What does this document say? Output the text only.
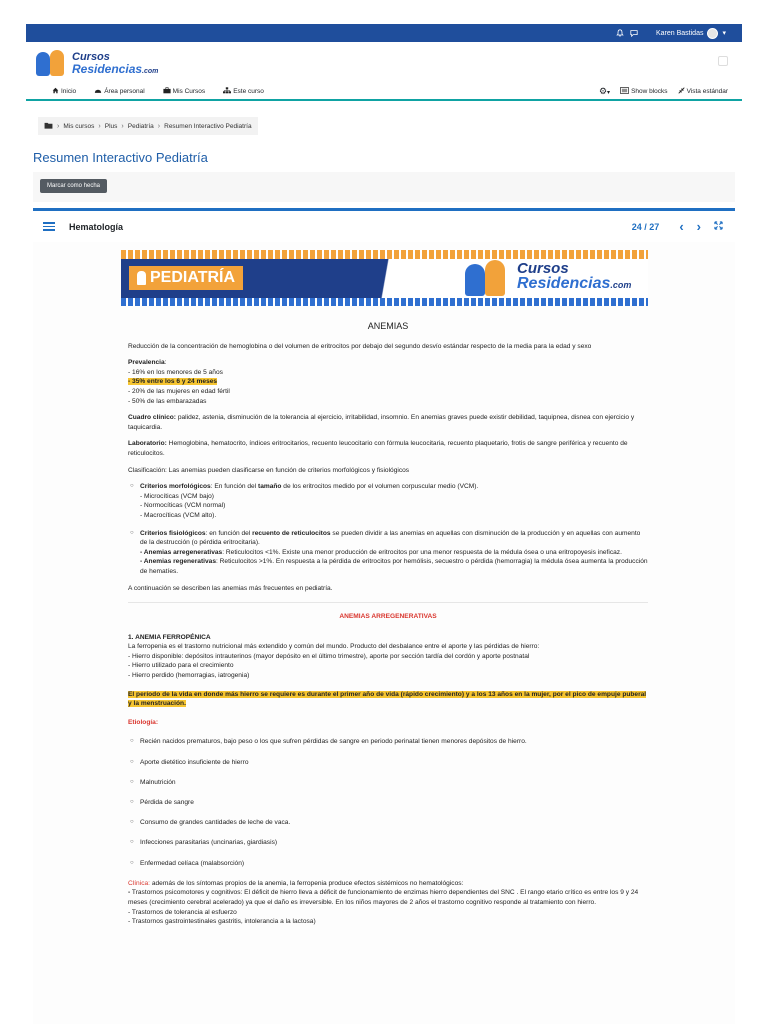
Karen Bastidas	▾
Cursos
Residencias.com
Inicio	Área personal	Mis Cursos	Este curso	⚙▾	Show blocks	Vista estándar
› Mis cursos › Plus › Pediatría › Resumen Interactivo Pediatría
Resumen Interactivo Pediatría
Marcar como hecha
Hematología	24 / 27 ‹ ›
PEDIATRÍA
Cursos
Residencias.com
ANEMIAS

Reducción de la concentración de hemoglobina o del volumen de eritrocitos por debajo del segundo desvío estándar respecto de la media para la edad y sexo

Prevalencia:
- 16% en los menores de 5 años
- 35% entre los 6 y 24 meses
- 20% de las mujeres en edad fértil
- 50% de las embarazadas

Cuadro clínico: palidez, astenia, disminución de la tolerancia al ejercicio, irritabilidad, insomnio. En anemias graves puede existir debilidad, taquipnea, disnea con ejercicio y taquicardia.

Laboratorio: Hemoglobina, hematocrito, índices eritrocitarios, recuento leucocitario con fórmula leucocitaria, recuento plaquetario, frotis de sangre periférica y recuento de reticulocitos.

Clasificación: Las anemias pueden clasificarse en función de criterios morfológicos y fisiológicos

○ Criterios morfológicos: En función del tamaño de los eritrocitos medido por el volumen corpuscular medio (VCM).
- Microcíticas (VCM bajo)
- Normocíticas (VCM normal)
- Macrocíticas (VCM alto).
○ Criterios fisiológicos: en función del recuento de reticulocitos se pueden dividir a las anemias en aquellas con disminución de la producción y en aquellas con aumento de la destrucción (o pérdida eritrocitaria).
- Anemias arregenerativas: Reticulocitos <1%. Existe una menor producción de eritrocitos por una menor respuesta de la médula ósea o una eritropoyesis ineficaz.
- Anemias regenerativas: Reticulocitos >1%. En respuesta a la pérdida de eritrocitos por hemólisis, secuestro o pérdida (hemorragia) la médula ósea aumenta la producción de hematíes.

A continuación se describen las anemias más frecuentes en pediatría.

ANEMIAS ARREGENERATIVAS

1. ANEMIA FERROPÉNICA
La ferropenia es el trastorno nutricional más extendido y común del mundo. Producto del desbalance entre el aporte y las pérdidas de hierro:
- Hierro disponible: depósitos intrauterinos (mayor depósito en el último trimestre), aporte por sección tardía del cordón y aporte postnatal
- Hierro utilizado para el crecimiento
- Hierro perdido (hemorragias, iatrogenia)

El período de la vida en donde más hierro se requiere es durante el primer año de vida (rápido crecimiento) y a los 13 años en la mujer, por el pico de empuje puberal y la menstruación.

Etiología:

○ Recién nacidos prematuros, bajo peso o los que sufren pérdidas de sangre en periodo perinatal tienen menores depósitos de hierro.
○ Aporte dietético insuficiente de hierro
○ Malnutrición
○ Pérdida de sangre
○ Consumo de grandes cantidades de leche de vaca.
○ Infecciones parasitarias (uncinarias, giardiasis)
○ Enfermedad celíaca (malabsorción)

Clínica: además de los síntomas propios de la anemia, la ferropenia produce efectos sistémicos no hematológicos:
- Trastornos psicomotores y cognitivos: El déficit de hierro lleva a déficit de funcionamiento de enzimas hierro dependientes del SNC . El rango etario crítico es entre los 9 y 24 meses (crecimiento cerebral acelerado) ya que el daño es irreversible. En los niños mayores de 2 años el trastorno cognitivo responde al tratamiento con hierro.
- Trastornos de tolerancia al esfuerzo
- Trastornos gastrointestinales gastritis, intolerancia a la lactosa)
